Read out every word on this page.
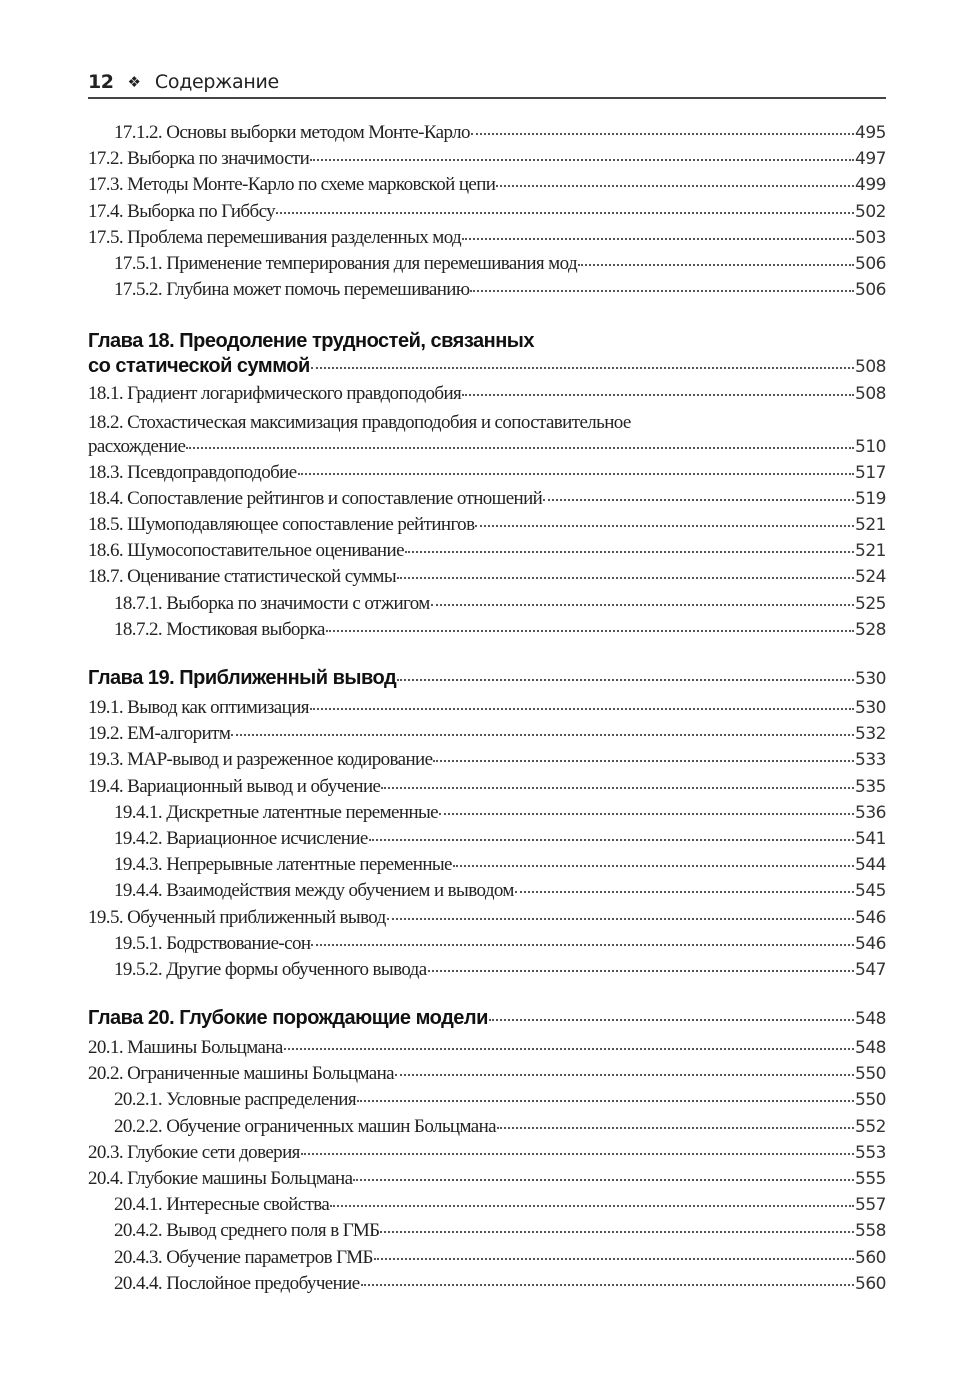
12 ❖ Содержание
17.1.2. Основы выборки методом Монте-Карло	495
17.2. Выборка по значимости	497
17.3. Методы Монте-Карло по схеме марковской цепи	499
17.4. Выборка по Гиббсу	502
17.5. Проблема перемешивания разделенных мод	503
17.5.1. Применение темперирования для перемешивания мод	506
17.5.2. Глубина может помочь перемешиванию	506
Глава 18. Преодоление трудностей, связанных
со статической суммой	508
18.1. Градиент логарифмического правдоподобия	508
18.2. Стохастическая максимизация правдоподобия и сопоставительное
расхождение	510
18.3. Псевдоправдоподобие	517
18.4. Сопоставление рейтингов и сопоставление отношений	519
18.5. Шумоподавляющее сопоставление рейтингов	521
18.6. Шумосопоставительное оценивание	521
18.7. Оценивание статистической суммы	524
18.7.1. Выборка по значимости с отжигом	525
18.7.2. Мостиковая выборка	528
Глава 19. Приближенный вывод	530
19.1. Вывод как оптимизация	530
19.2. EM-алгоритм	532
19.3. MAP-вывод и разреженное кодирование	533
19.4. Вариационный вывод и обучение	535
19.4.1. Дискретные латентные переменные	536
19.4.2. Вариационное исчисление	541
19.4.3. Непрерывные латентные переменные	544
19.4.4. Взаимодействия между обучением и выводом	545
19.5. Обученный приближенный вывод	546
19.5.1. Бодрствование-сон	546
19.5.2. Другие формы обученного вывода	547
Глава 20. Глубокие порождающие модели	548
20.1. Машины Больцмана	548
20.2. Ограниченные машины Больцмана	550
20.2.1. Условные распределения	550
20.2.2. Обучение ограниченных машин Больцмана	552
20.3. Глубокие сети доверия	553
20.4. Глубокие машины Больцмана	555
20.4.1. Интересные свойства	557
20.4.2. Вывод среднего поля в ГМБ	558
20.4.3. Обучение параметров ГМБ	560
20.4.4. Послойное предобучение	560
